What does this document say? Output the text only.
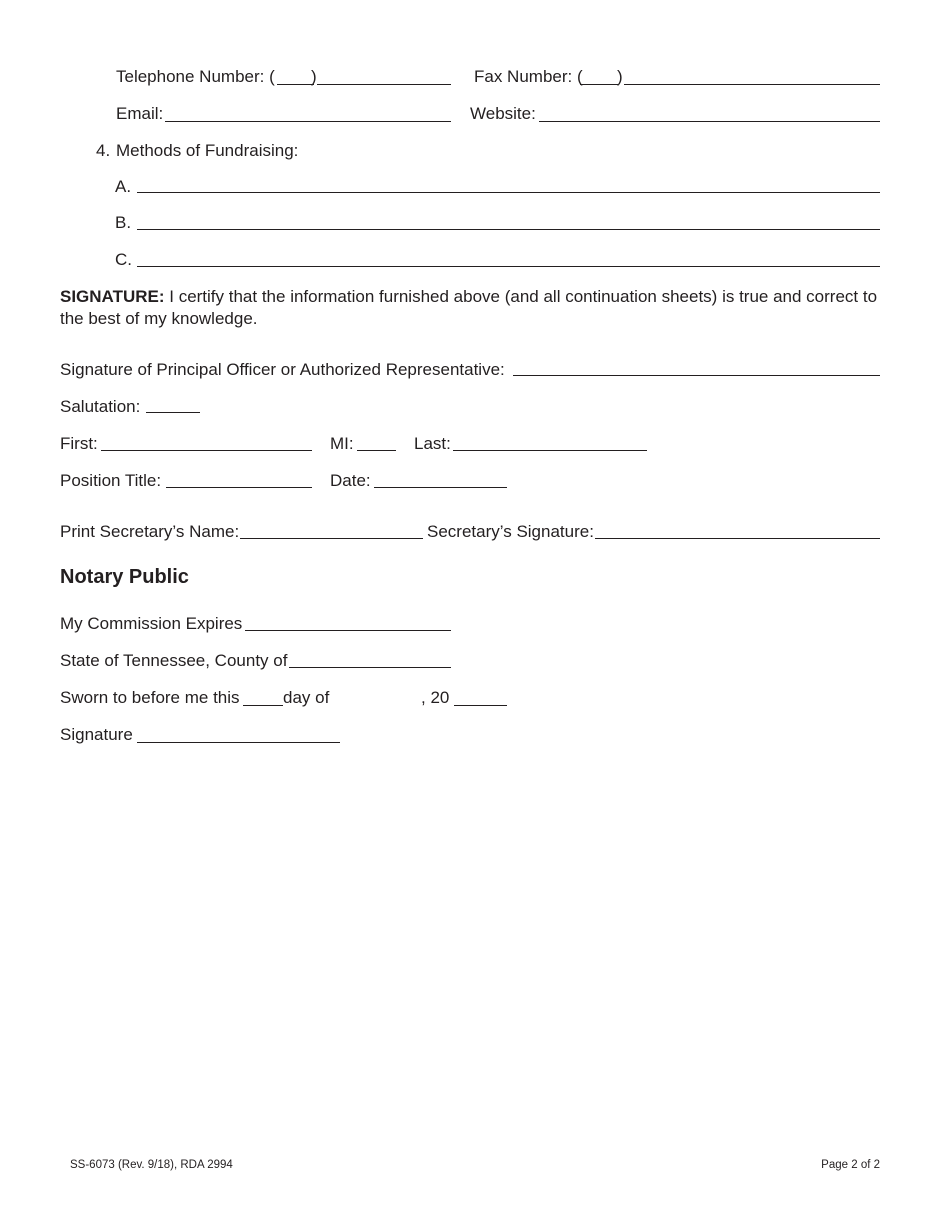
Telephone Number: ( )	Fax Number: ( )
Email:	Website:
4. Methods of Fundraising:
A.
B.
C.
SIGNATURE: I certify that the information furnished above (and all continuation sheets) is true and correct to the best of my knowledge.
Signature of Principal Officer or Authorized Representative:
Salutation:
First:	MI:	Last:
Position Title:	Date:
Print Secretary’s Name:	Secretary’s Signature:
Notary Public
My Commission Expires
State of Tennessee, County of
Sworn to before me this	day of	, 20
Signature
SS-6073 (Rev. 9/18), RDA 2994	Page 2 of 2
